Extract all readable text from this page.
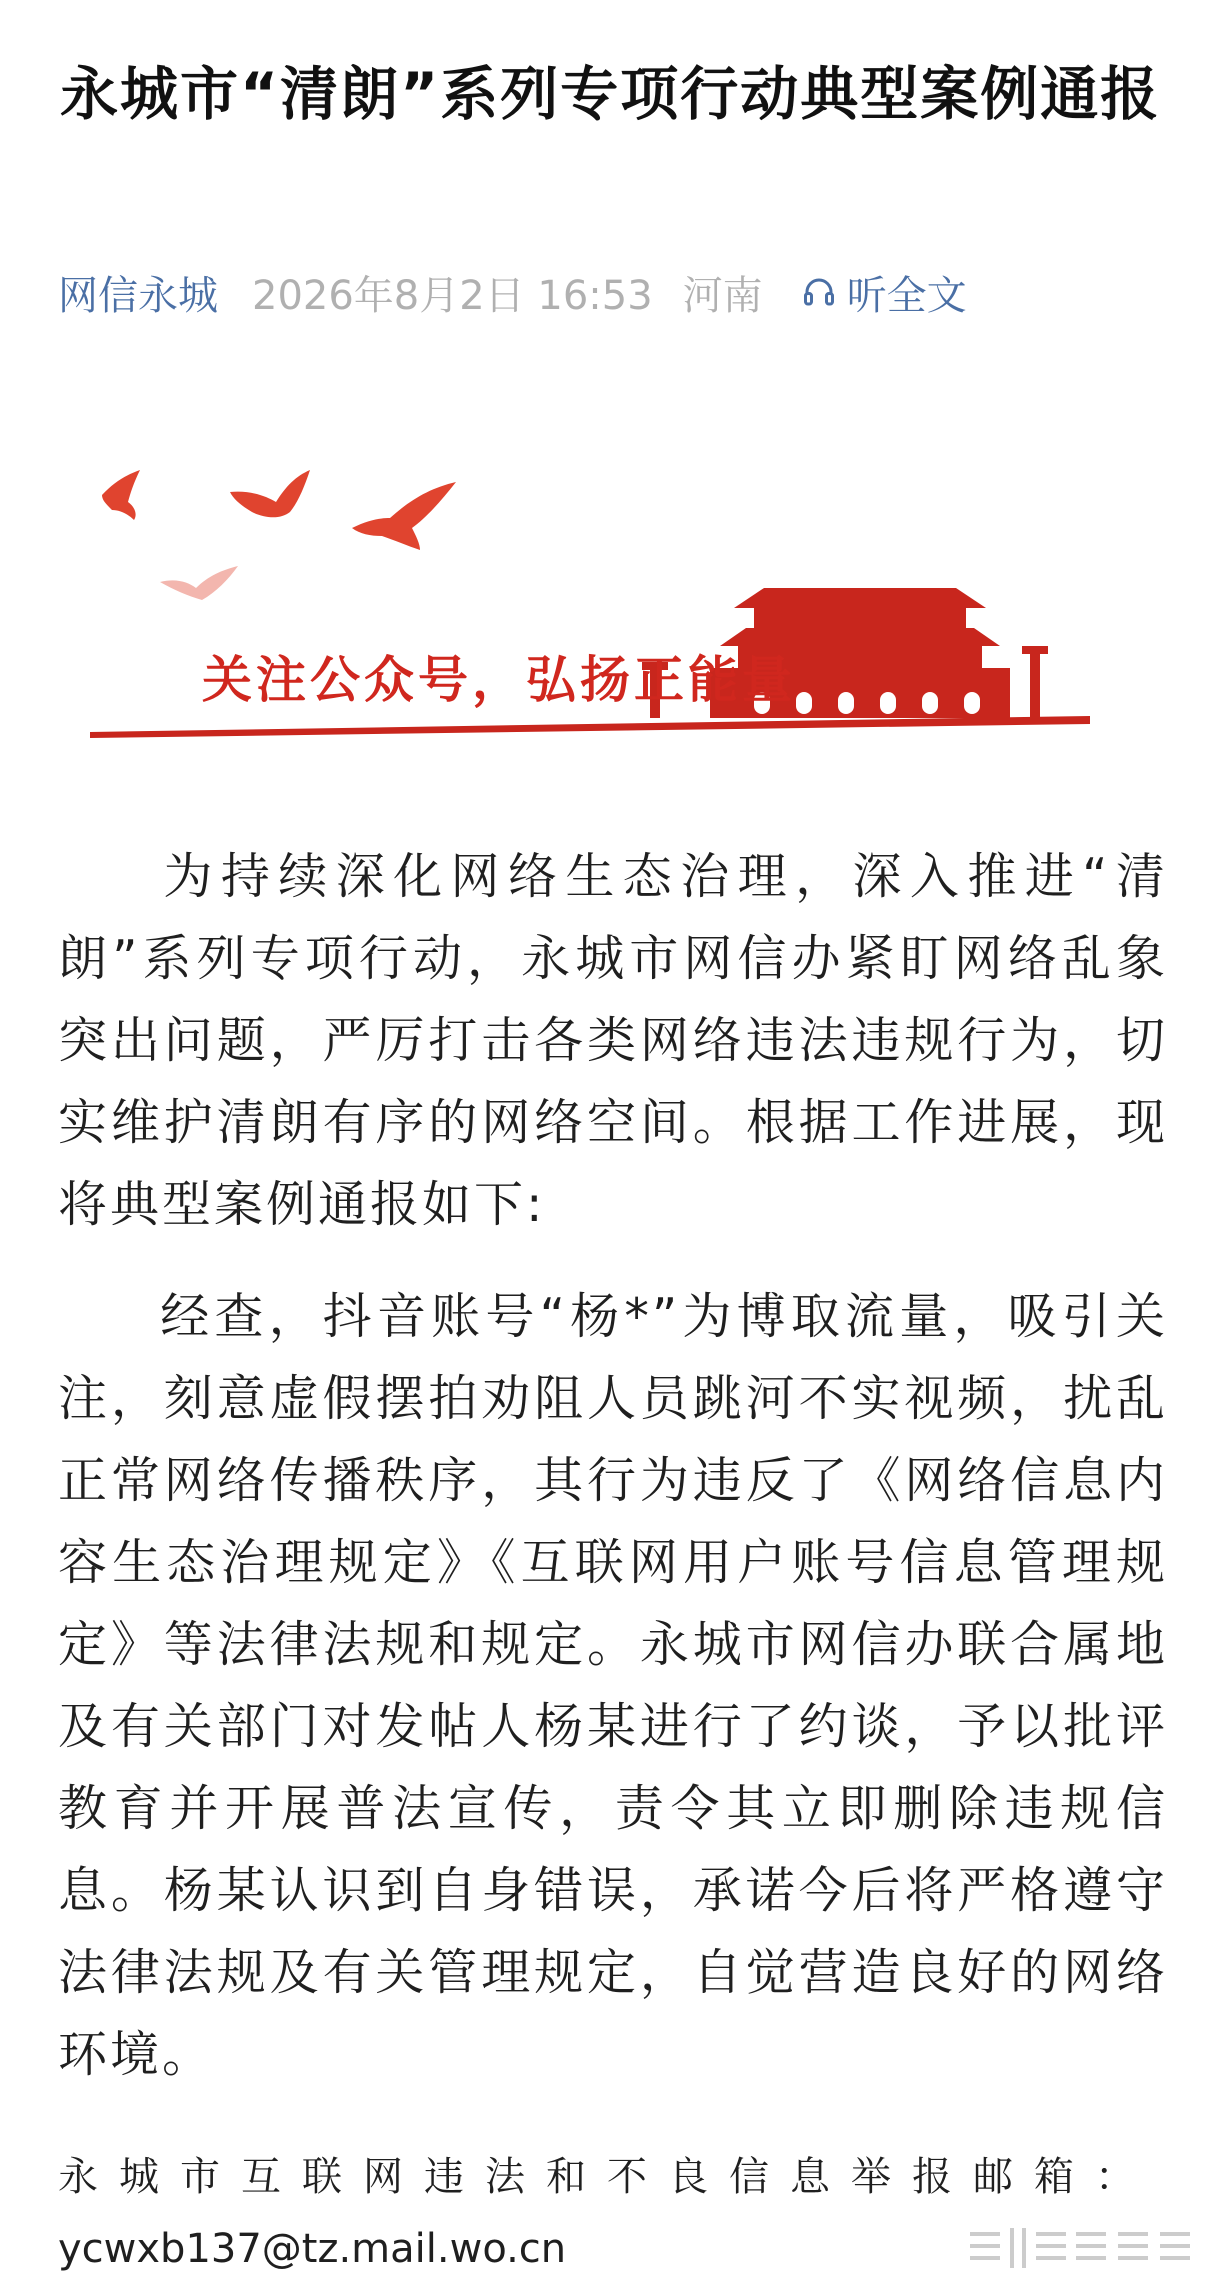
永城市“清朗”系列专项行动典型案例通报
网信永城 2026年8月2日 16:53 河南 听全文
关注公众号，弘扬正能量
为持续深化网络生态治理，深入推进“清朗”系列专项行动，永城市网信办紧盯网络乱象突出问题，严厉打击各类网络违法违规行为，切实维护清朗有序的网络空间。根据工作进展，现将典型案例通报如下:
经查，抖音账号“杨*”为博取流量，吸引关注，刻意虚假摆拍劝阻人员跳河不实视频，扰乱正常网络传播秩序，其行为违反了《网络信息内容生态治理规定》《互联网用户账号信息管理规定》等法律法规和规定。永城市网信办联合属地及有关部门对发帖人杨某进行了约谈，予以批评教育并开展普法宣传，责令其立即删除违规信息。杨某认识到自身错误，承诺今后将严格遵守法律法规及有关管理规定，自觉营造良好的网络环境。
永城市互联网违法和不良信息举报邮箱：
ycwxb137@tz.mail.wo.cn
